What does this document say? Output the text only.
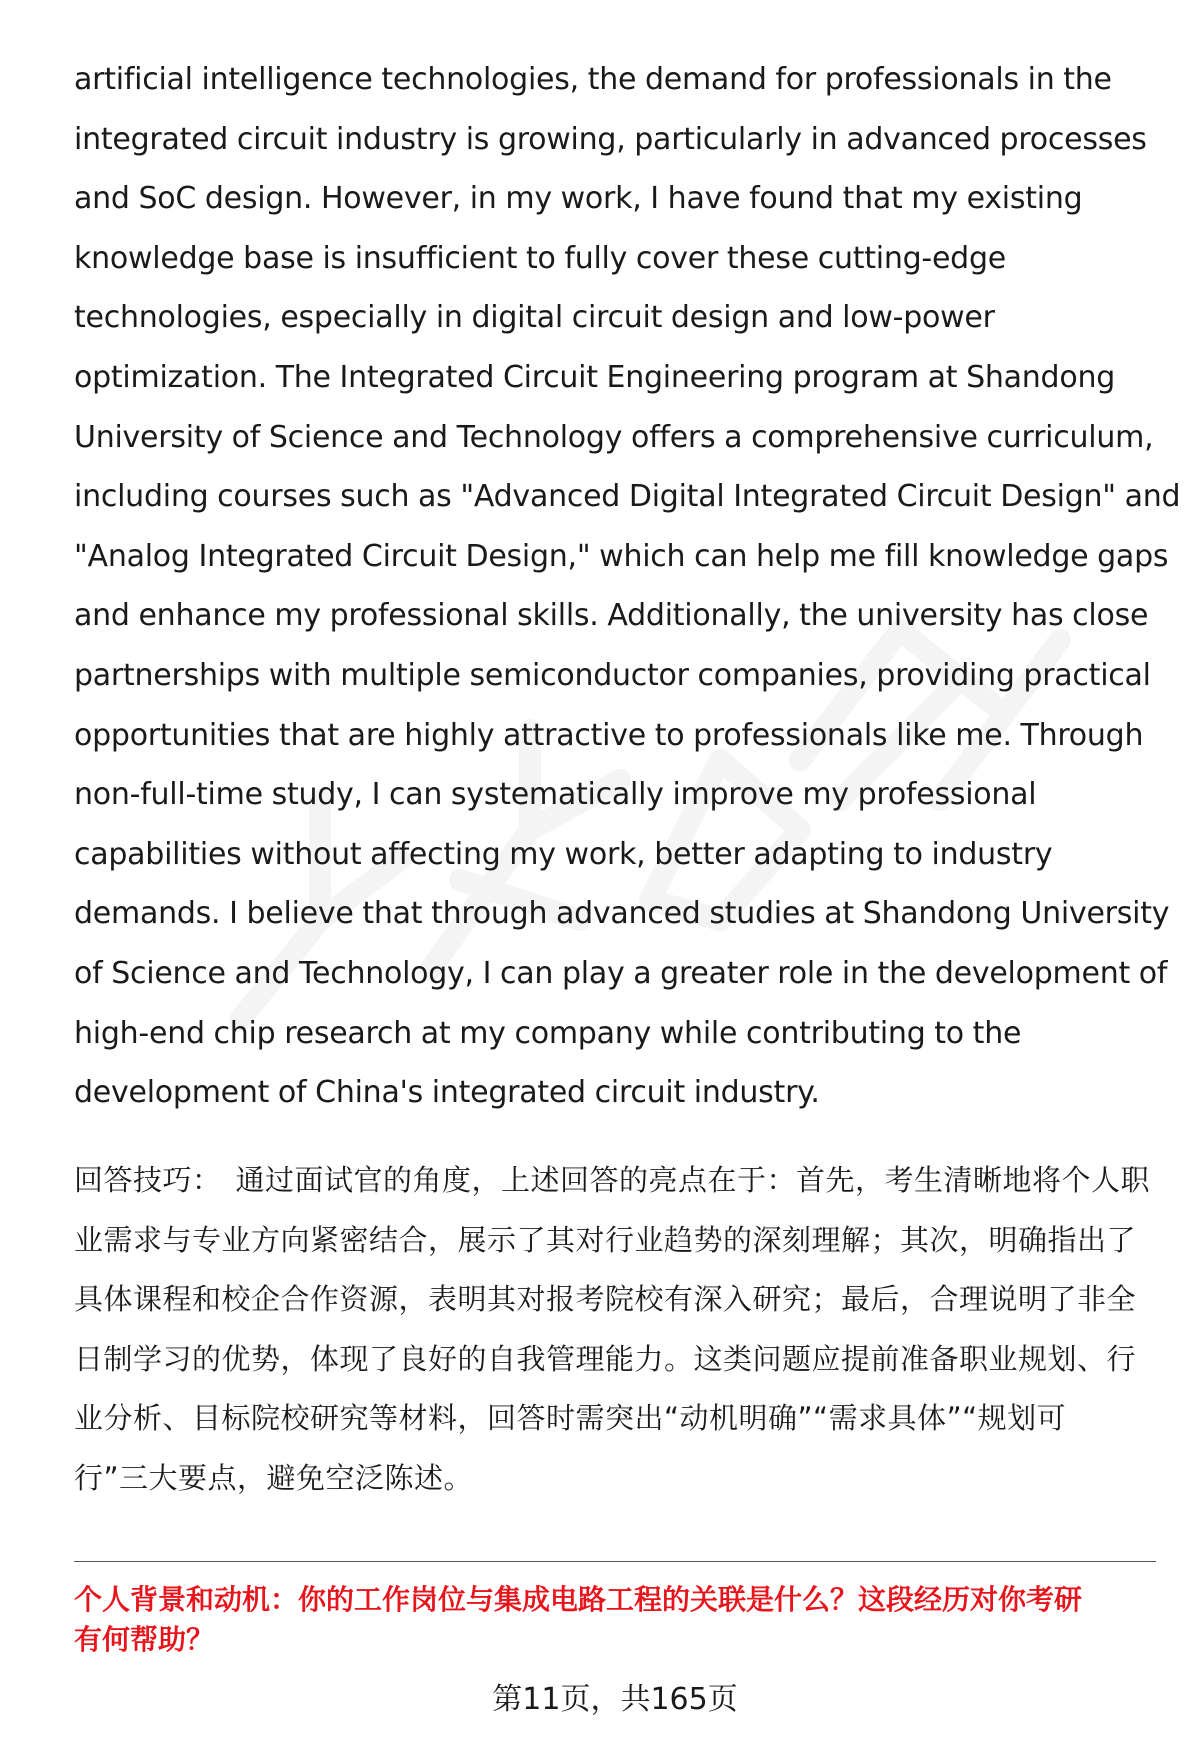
artificial intelligence technologies, the demand for professionals in the
integrated circuit industry is growing, particularly in advanced processes
and SoC design. However, in my work, I have found that my existing
knowledge base is insufficient to fully cover these cutting-edge
technologies, especially in digital circuit design and low-power
optimization. The Integrated Circuit Engineering program at Shandong
University of Science and Technology offers a comprehensive curriculum,
including courses such as "Advanced Digital Integrated Circuit Design" and
"Analog Integrated Circuit Design," which can help me fill knowledge gaps
and enhance my professional skills. Additionally, the university has close
partnerships with multiple semiconductor companies, providing practical
opportunities that are highly attractive to professionals like me. Through
non-full-time study, I can systematically improve my professional
capabilities without affecting my work, better adapting to industry
demands. I believe that through advanced studies at Shandong University
of Science and Technology, I can play a greater role in the development of
high-end chip research at my company while contributing to the
development of China's integrated circuit industry.
回答技巧： 通过面试官的角度，上述回答的亮点在于：首先，考生清晰地将个人职
业需求与专业方向紧密结合，展示了其对行业趋势的深刻理解；其次，明确指出了
具体课程和校企合作资源，表明其对报考院校有深入研究；最后，合理说明了非全
日制学习的优势，体现了良好的自我管理能力。这类问题应提前准备职业规划、行
业分析、目标院校研究等材料，回答时需突出“动机明确”“需求具体”“规划可
行”三大要点，避免空泛陈述。
个人背景和动机：你的工作岗位与集成电路工程的关联是什么？这段经历对你考研
有何帮助？
第11页，共165页
